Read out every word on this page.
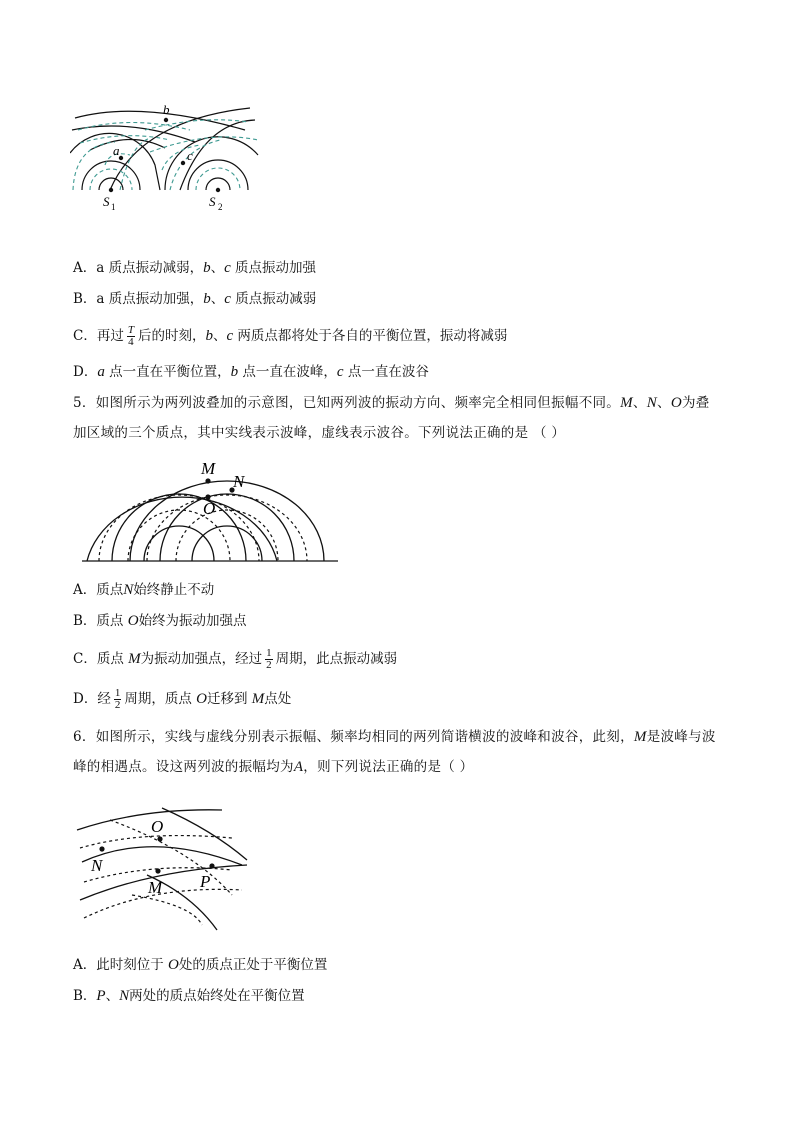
b
a	c
S 1	S 2
A．a 质点振动减弱，b、c 质点振动加强
B．a 质点振动加强，b、c 质点振动减弱
C．再过 $\frac{T}{4}$ 后的时刻，b、c 两质点都将处于各自的平衡位置，振动将减弱
D．a 点一直在平衡位置，b 点一直在波峰，c 点一直在波谷
5．如图所示为两列波叠加的示意图，已知两列波的振动方向、频率完全相同但振幅不同。M、N、O为叠加区域的三个质点，其中实线表示波峰，虚线表示波谷。下列说法正确的是 （ ）
M
N
O
A．质点N始终静止不动
B．质点 O始终为振动加强点
C．质点 M为振动加强点，经过 $\frac{1}{2}$ 周期，此点振动减弱
D．经 $\frac{1}{2}$ 周期，质点 O迁移到 M点处
6．如图所示，实线与虚线分别表示振幅、频率均相同的两列简谐横波的波峰和波谷，此刻，M是波峰与波峰的相遇点。设这两列波的振幅均为A，则下列说法正确的是（ ）
O
N
M P
A．此时刻位于 O处的质点正处于平衡位置
B．P、N两处的质点始终处在平衡位置
